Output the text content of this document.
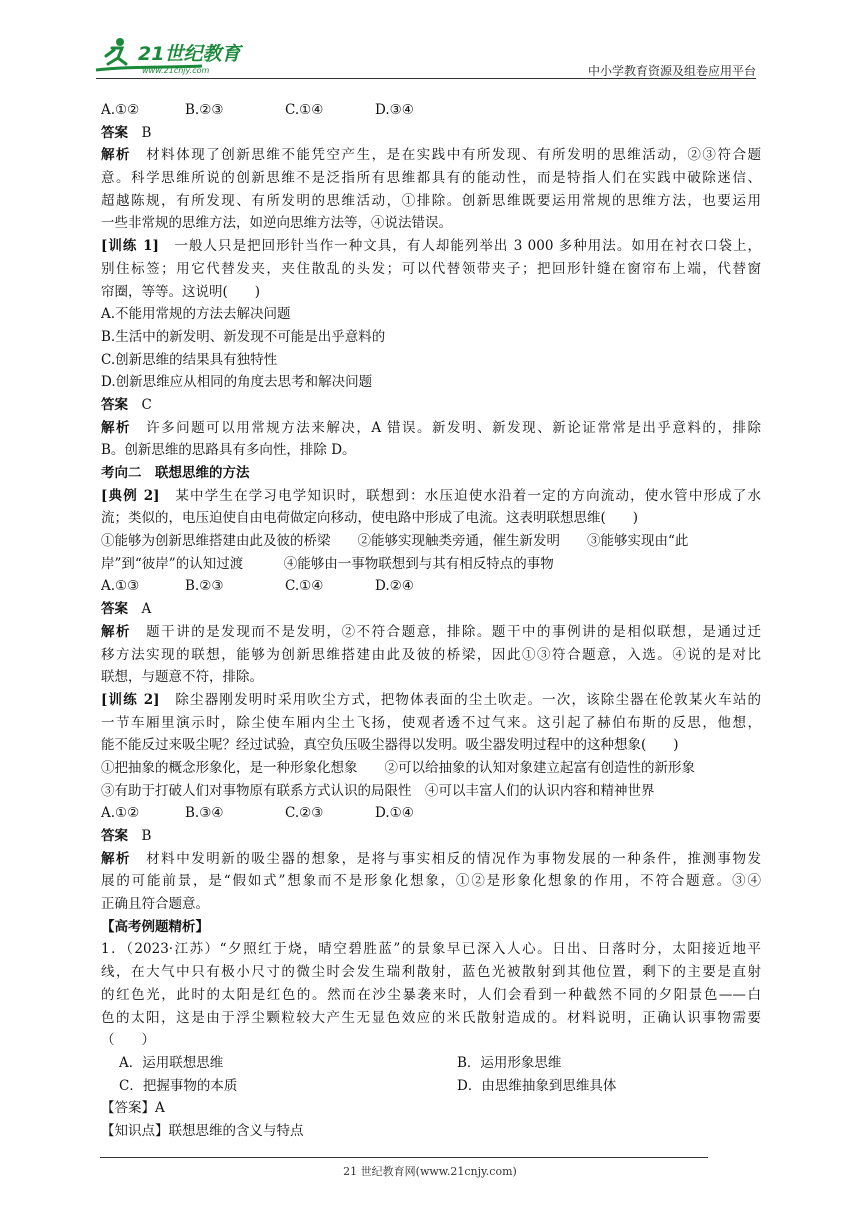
21世纪教育
www.21cnjy.com	中小学教育资源及组卷应用平台
A.①②	B.②③	C.①④	D.③④
答案　 B
解析　 材料体现了创新思维不能凭空产生，是在实践中有所发现、有所发明的思维活动，②③符合题
意。科学思维所说的创新思维不是泛指所有思维都具有的能动性，而是特指人们在实践中破除迷信、
超越陈规，有所发现、有所发明的思维活动，①排除。创新思维既要运用常规的思维方法，也要运用
一些非常规的思维方法，如逆向思维方法等，④说法错误。
[训练 1]　 一般人只是把回形针当作一种文具，有人却能列举出 3 000 多种用法。如用在衬衣口袋上，
别住标签；用它代替发夹，夹住散乱的头发；可以代替领带夹子；把回形针缝在窗帘布上端，代替窗
帘圈，等等。这说明(　　)
A.不能用常规的方法去解决问题
B.生活中的新发明、新发现不可能是出乎意料的
C.创新思维的结果具有独特性
D.创新思维应从相同的角度去思考和解决问题
答案　 C
解析　 许多问题可以用常规方法来解决，A 错误。新发明、新发现、新论证常常是出乎意料的，排除
B。创新思维的思路具有多向性，排除 D。
考向二　联想思维的方法
[典例 2]　 某中学生在学习电学知识时，联想到：水压迫使水沿着一定的方向流动，使水管中形成了水
流；类似的，电压迫使自由电荷做定向移动，使电路中形成了电流。这表明联想思维(　　)
①能够为创新思维搭建由此及彼的桥梁　　 ②能够实现触类旁通，催生新发明　　 ③能够实现由“此
岸”到“彼岸”的认知过渡　　　	④能够由一事物联想到与其有相反特点的事物
A.①③	B.②③	C.①④	D.②④
答案　 A
解析　 题干讲的是发现而不是发明，②不符合题意，排除。题干中的事例讲的是相似联想，是通过迁
移方法实现的联想，能够为创新思维搭建由此及彼的桥梁，因此①③符合题意，入选。④说的是对比
联想，与题意不符，排除。
[训练 2]　 除尘器刚发明时采用吹尘方式，把物体表面的尘土吹走。一次，该除尘器在伦敦某火车站的
一节车厢里演示时，除尘使车厢内尘土飞扬，使观者透不过气来。这引起了赫伯布斯的反思，他想，
能不能反过来吸尘呢？经过试验，真空负压吸尘器得以发明。吸尘器发明过程中的这种想象(　　)
①把抽象的概念形象化，是一种形象化想象　　 ②可以给抽象的认知对象建立起富有创造性的新形象
③有助于打破人们对事物原有联系方式认识的局限性　 ④可以丰富人们的认识内容和精神世界
A.①②	B.③④	C.②③	D.①④
答案　 B
解析　 材料中发明新的吸尘器的想象，是将与事实相反的情况作为事物发展的一种条件，推测事物发
展的可能前景，是“假如式”想象而不是形象化想象，①②是形象化想象的作用，不符合题意。③④
正确且符合题意。
【高考例题精析】
1．（2023·江苏）“夕照红于烧，晴空碧胜蓝”的景象早已深入人心。日出、日落时分，太阳接近地平
线，在大气中只有极小尺寸的微尘时会发生瑞利散射，蓝色光被散射到其他位置，剩下的主要是直射
的红色光，此时的太阳是红色的。然而在沙尘暴袭来时，人们会看到一种截然不同的夕阳景色——白
色的太阳，这是由于浮尘颗粒较大产生无显色效应的米氏散射造成的。材料说明，正确认识事物需要
（　　）
A．运用联想思维	B．运用形象思维
C．把握事物的本质	D．由思维抽象到思维具体
【答案】A
【知识点】联想思维的含义与特点
21 世纪教育网(www.21cnjy.com)
